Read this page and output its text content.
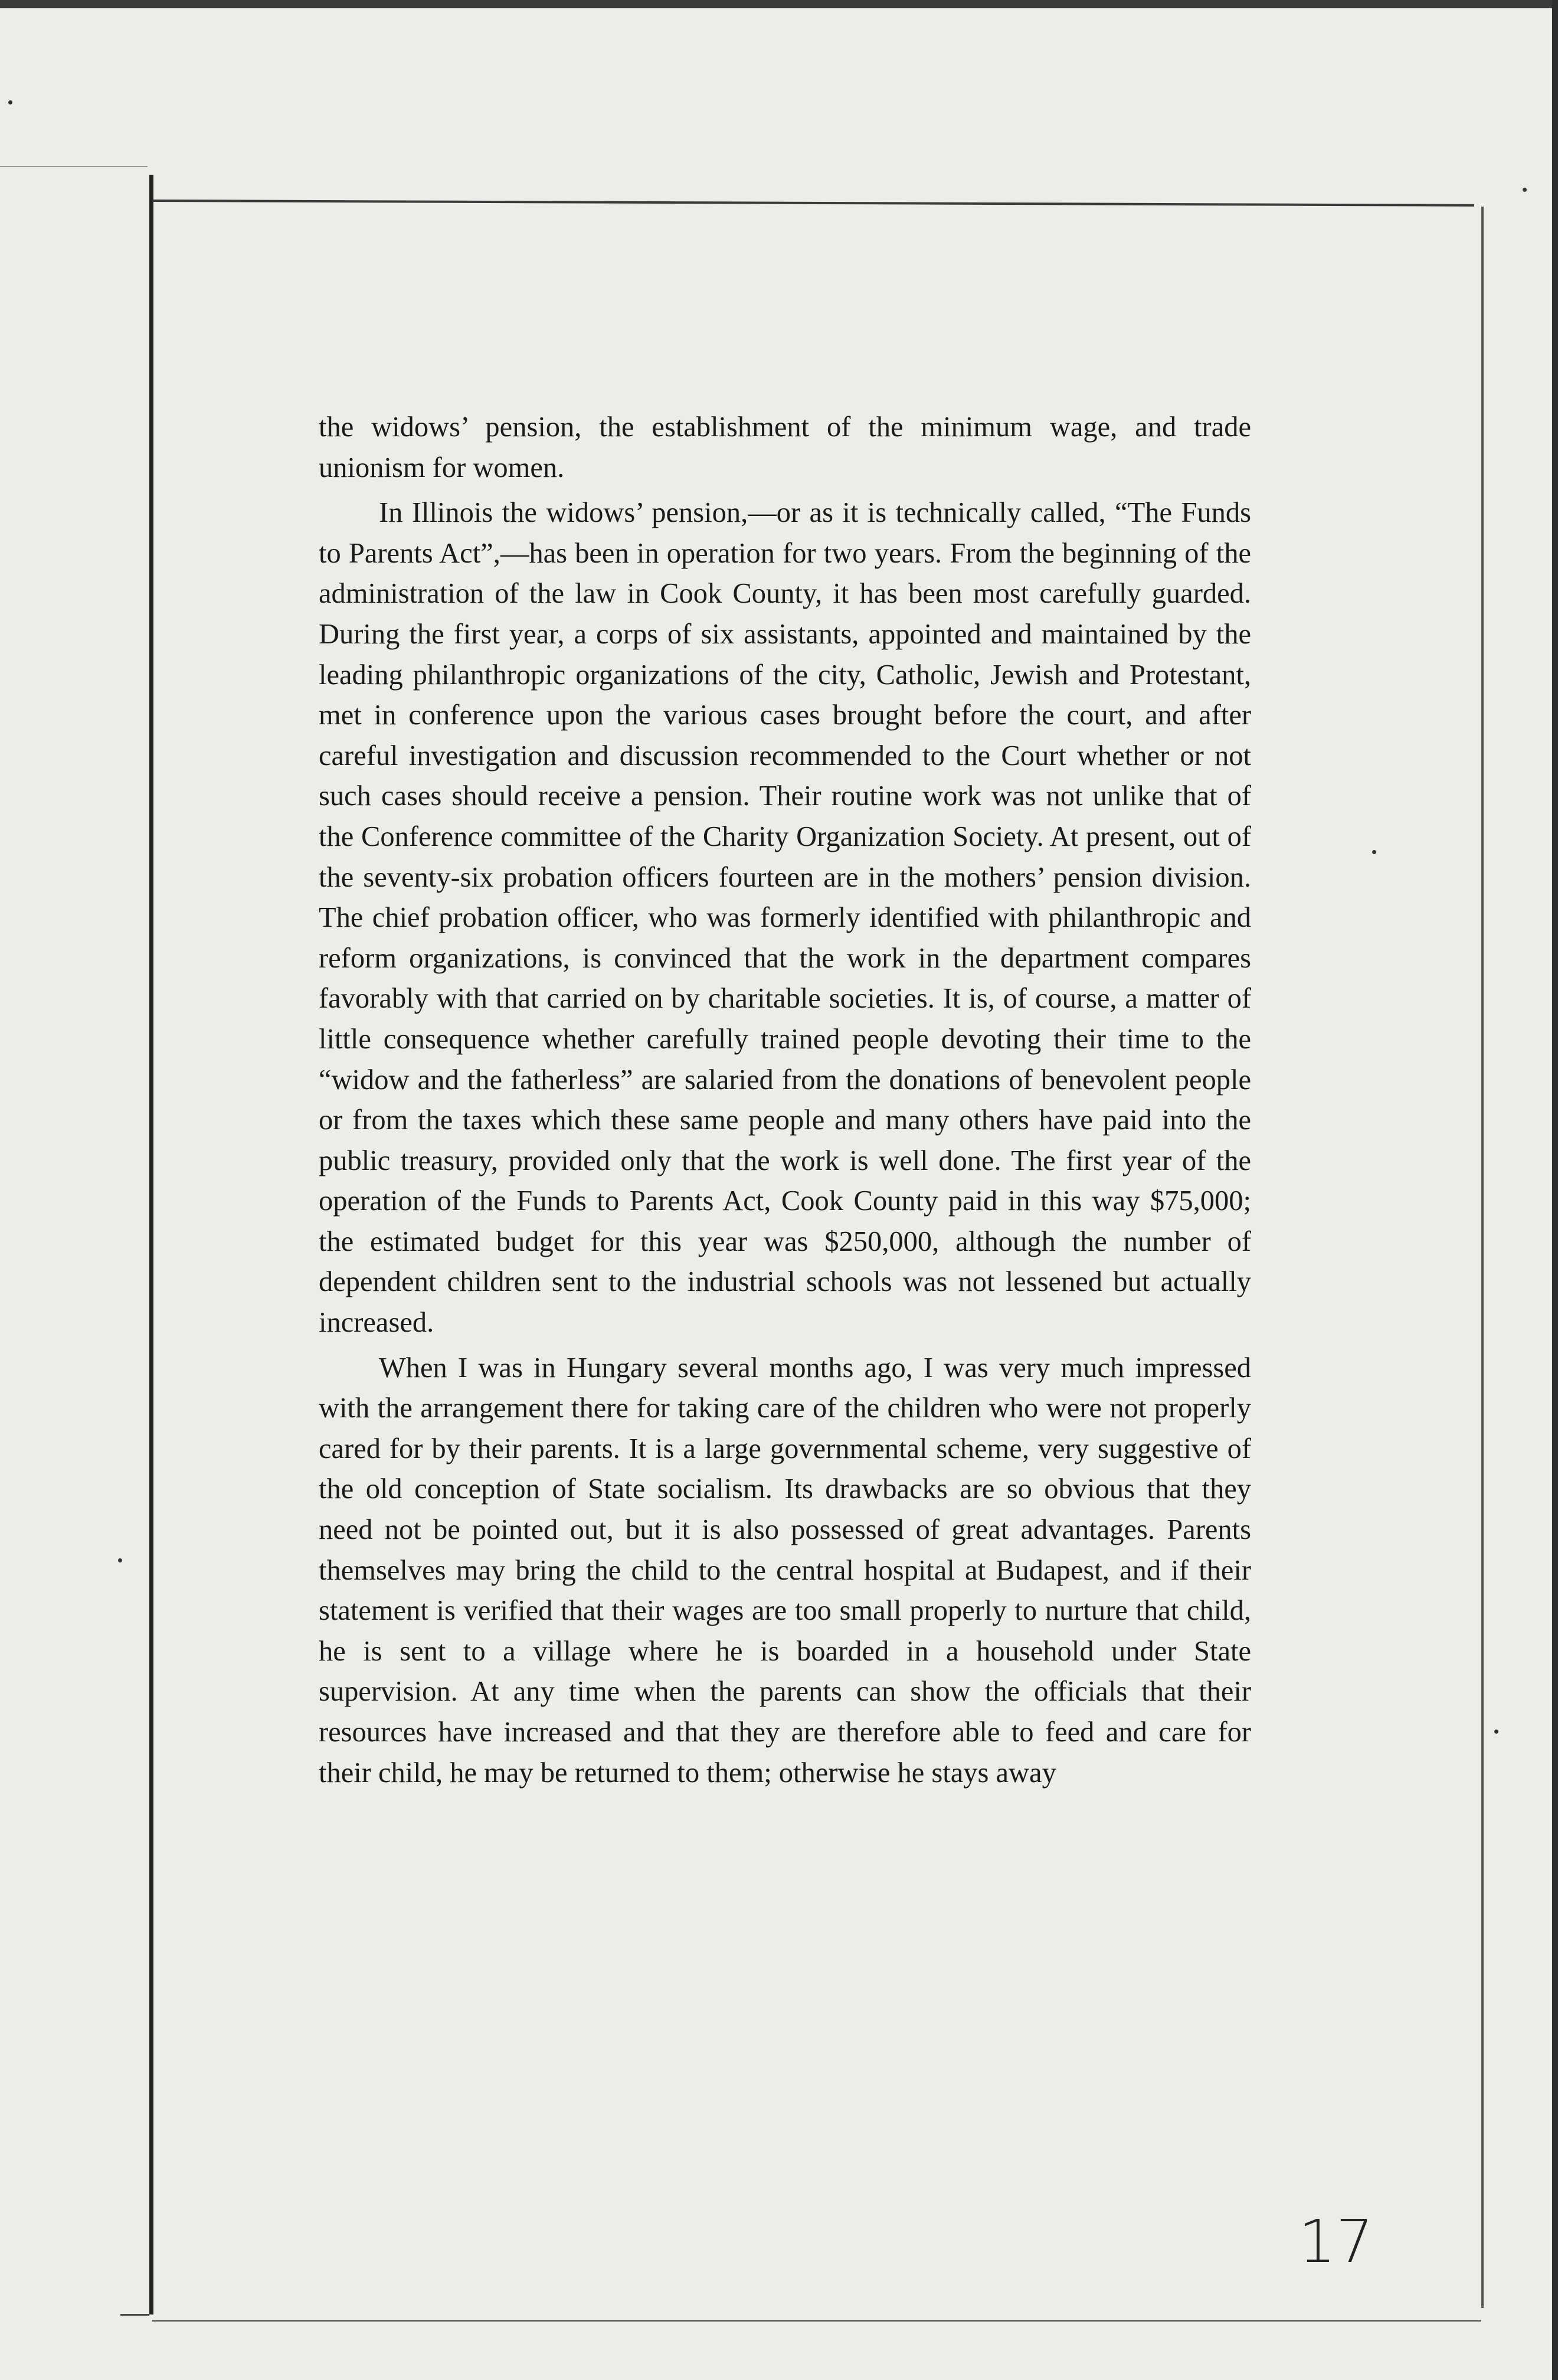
the widows’ pension, the establishment of the minimum wage, and trade unionism for women.

In Illinois the widows’ pension,—or as it is technically called, “The Funds to Parents Act”,—has been in operation for two years. From the beginning of the administration of the law in Cook County, it has been most carefully guarded. During the first year, a corps of six assistants, appointed and maintained by the leading philanthropic organizations of the city, Catholic, Jewish and Protestant, met in conference upon the various cases brought before the court, and after careful investigation and discussion recommended to the Court whether or not such cases should receive a pension. Their routine work was not unlike that of the Conference committee of the Charity Organization Society. At present, out of the seventy-six probation officers fourteen are in the mothers’ pension division. The chief probation officer, who was formerly identified with philanthropic and reform organizations, is convinced that the work in the department compares favorably with that carried on by charitable societies. It is, of course, a matter of little consequence whether carefully trained people devoting their time to the “widow and the fatherless” are salaried from the donations of benevolent people or from the taxes which these same people and many others have paid into the public treasury, provided only that the work is well done. The first year of the operation of the Funds to Parents Act, Cook County paid in this way $75,000; the estimated budget for this year was $250,000, although the number of dependent children sent to the industrial schools was not lessened but actually increased.

When I was in Hungary several months ago, I was very much impressed with the arrangement there for taking care of the children who were not properly cared for by their parents. It is a large governmental scheme, very suggestive of the old conception of State socialism. Its drawbacks are so obvious that they need not be pointed out, but it is also possessed of great advantages. Parents themselves may bring the child to the central hospital at Budapest, and if their statement is verified that their wages are too small properly to nurture that child, he is sent to a village where he is boarded in a household under State supervision. At any time when the parents can show the officials that their resources have increased and that they are therefore able to feed and care for their child, he may be returned to them; otherwise he stays away

17
